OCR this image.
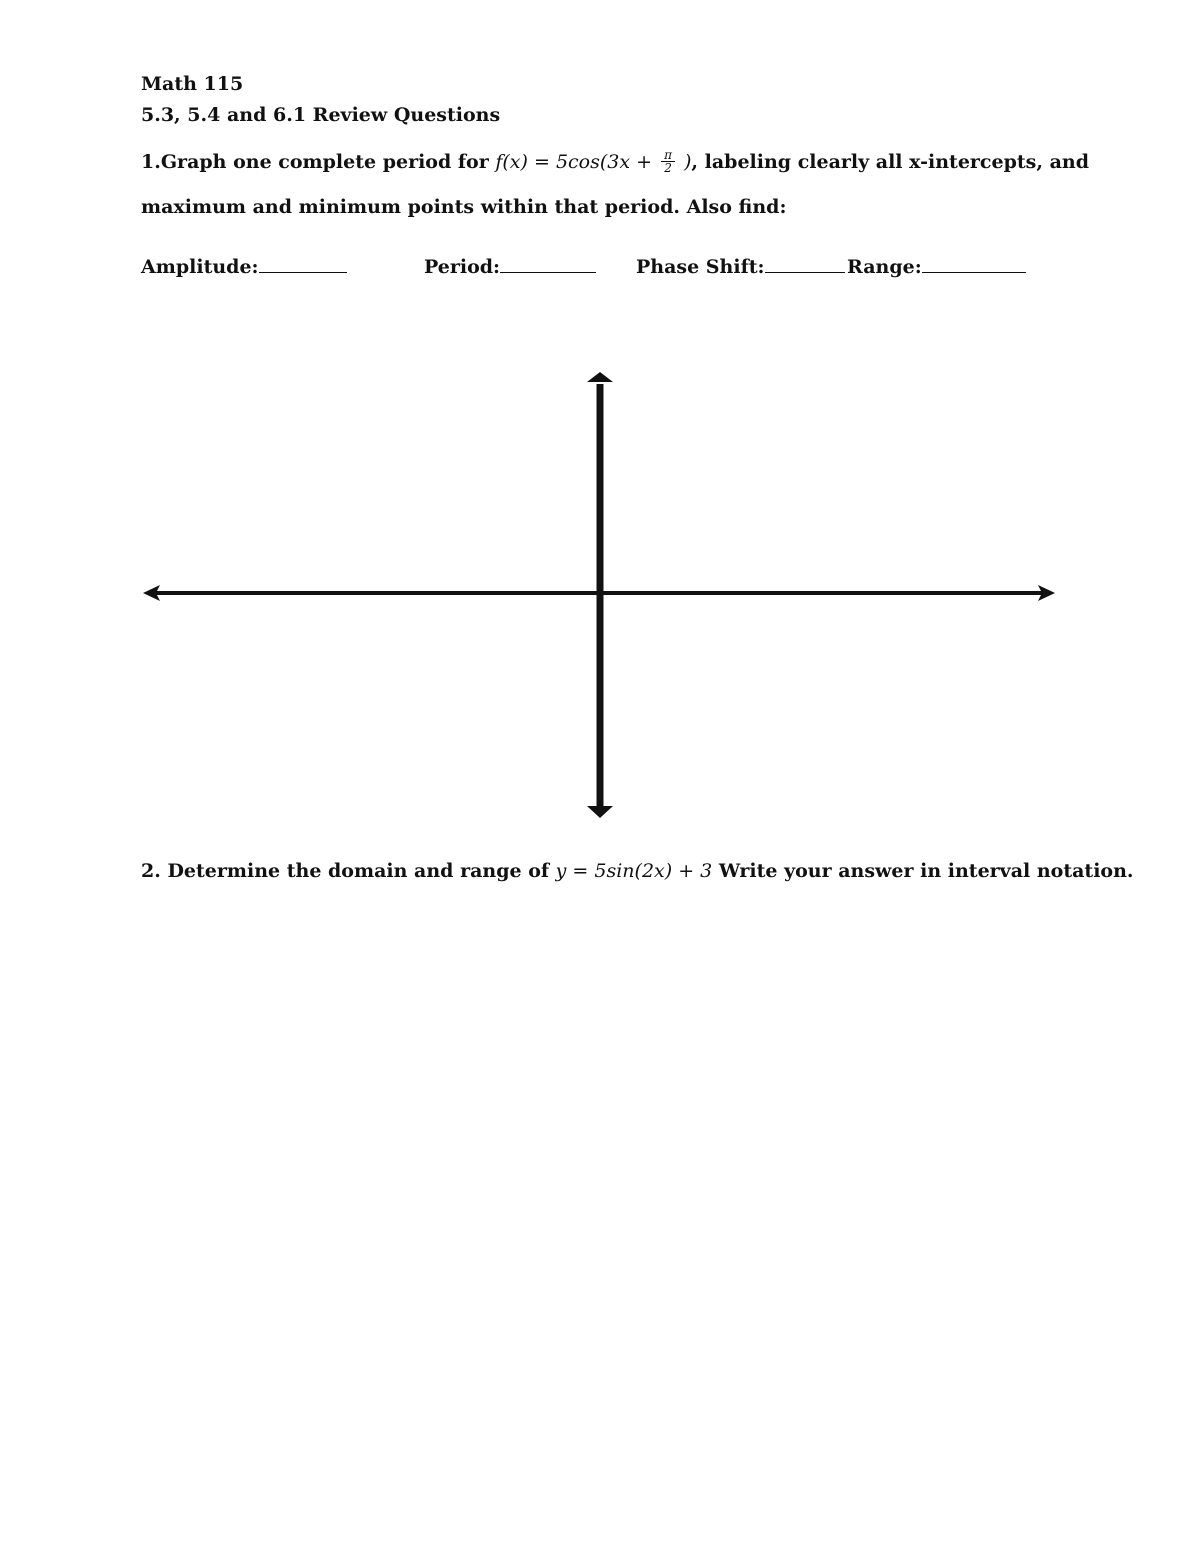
Math 115
5.3, 5.4 and 6.1 Review Questions
1.Graph one complete period for $f(x) = 5\cos(3x + \frac{\pi}{2}$ ), labeling clearly all x-intercepts, and
maximum and minimum points within that period. Also find:
Amplitude:	Period:	Phase Shift:	Range:
2. Determine the domain and range of y = 5sin(2x) + 3 Write your answer in interval notation.
